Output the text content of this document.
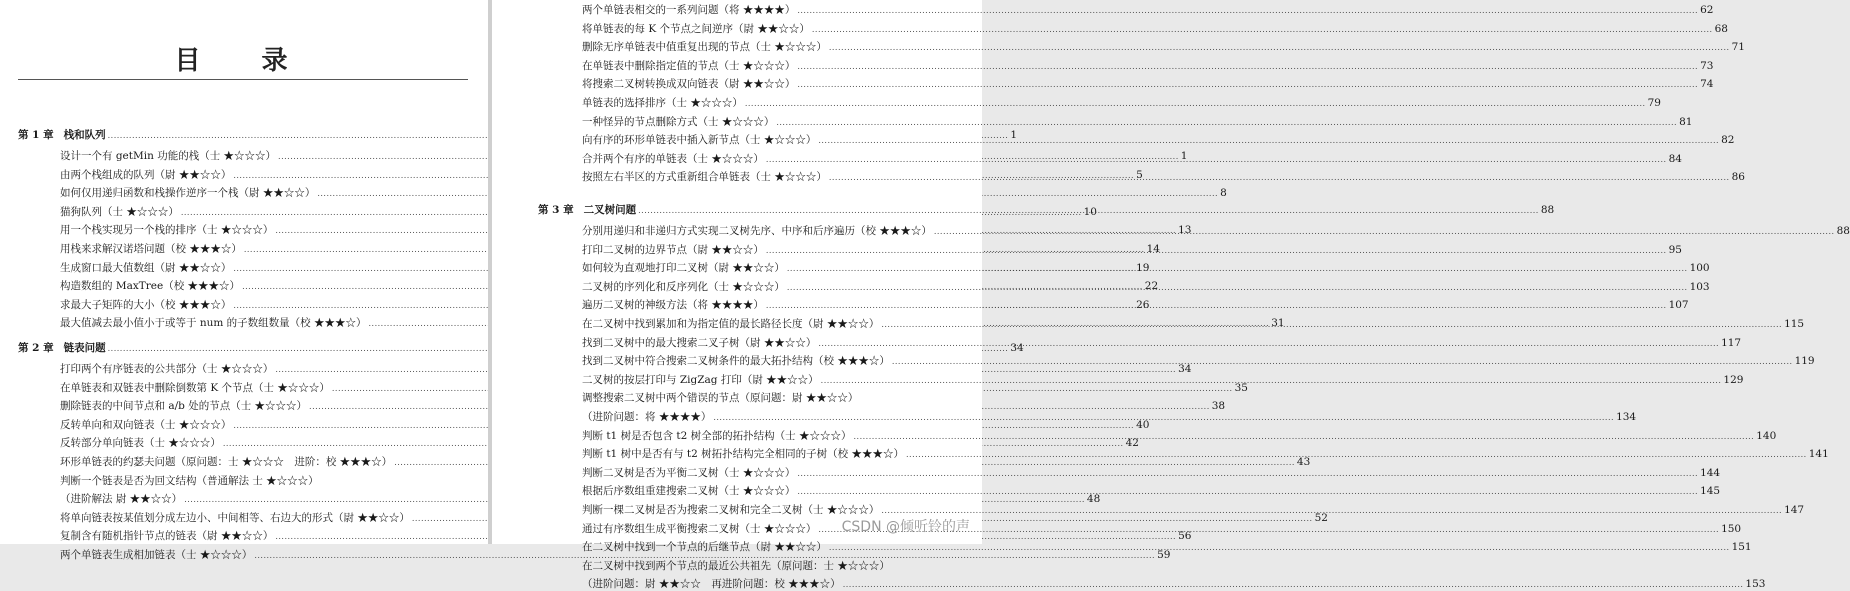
目 录
第 1 章 栈和队列 .....	1
设计一个有 getMin 功能的栈（士 ★☆☆☆） .....	1
由两个栈组成的队列（尉 ★★☆☆） .....	5
如何仅用递归函数和栈操作逆序一个栈（尉 ★★☆☆） .....	8
猫狗队列（士 ★☆☆☆） .....	10
用一个栈实现另一个栈的排序（士 ★☆☆☆） .....	13
用栈来求解汉诺塔问题（校 ★★★☆） .....	14
生成窗口最大值数组（尉 ★★☆☆） .....	19
构造数组的 MaxTree（校 ★★★☆） .....	22
求最大子矩阵的大小（校 ★★★☆） .....	26
最大值减去最小值小于或等于 num 的子数组数量（校 ★★★☆） .....	31
第 2 章 链表问题 .....	34
打印两个有序链表的公共部分（士 ★☆☆☆） .....	34
在单链表和双链表中删除倒数第 K 个节点（士 ★☆☆☆） .....	35
删除链表的中间节点和 a/b 处的节点（士 ★☆☆☆） .....	38
反转单向和双向链表（士 ★☆☆☆） .....	40
反转部分单向链表（士 ★☆☆☆） .....	42
环形单链表的约瑟夫问题（原问题：士 ★☆☆☆　进阶：校 ★★★☆） .....	43
判断一个链表是否为回文结构（普通解法 士 ★☆☆☆）
（进阶解法 尉 ★★☆☆） .....	48
将单向链表按某值划分成左边小、中间相等、右边大的形式（尉 ★★☆☆） .....	52
复制含有随机指针节点的链表（尉 ★★☆☆） .....	56
两个单链表生成相加链表（士 ★☆☆☆） .....	59
两个单链表相交的一系列问题（将 ★★★★） .....	62
将单链表的每 K 个节点之间逆序（尉 ★★☆☆） .....	68
删除无序单链表中值重复出现的节点（士 ★☆☆☆） .....	71
在单链表中删除指定值的节点（士 ★☆☆☆） .....	73
将搜索二叉树转换成双向链表（尉 ★★☆☆） .....	74
单链表的选择排序（士 ★☆☆☆） .....	79
一种怪异的节点删除方式（士 ★☆☆☆） .....	81
向有序的环形单链表中插入新节点（士 ★☆☆☆） .....	82
合并两个有序的单链表（士 ★☆☆☆） .....	84
按照左右半区的方式重新组合单链表（士 ★☆☆☆） .....	86
第 3 章 二叉树问题 .....	88
分别用递归和非递归方式实现二叉树先序、中序和后序遍历（校 ★★★☆） .....	88
打印二叉树的边界节点（尉 ★★☆☆） .....	95
如何较为直观地打印二叉树（尉 ★★☆☆） .....	100
二叉树的序列化和反序列化（士 ★☆☆☆） .....	103
遍历二叉树的神级方法（将 ★★★★） .....	107
在二叉树中找到累加和为指定值的最长路径长度（尉 ★★☆☆） .....	115
找到二叉树中的最大搜索二叉子树（尉 ★★☆☆） .....	117
找到二叉树中符合搜索二叉树条件的最大拓扑结构（校 ★★★☆） .....	119
二叉树的按层打印与 ZigZag 打印（尉 ★★☆☆） .....	129
调整搜索二叉树中两个错误的节点（原问题：尉 ★★☆☆）
（进阶问题：将 ★★★★） .....	134
判断 t1 树是否包含 t2 树全部的拓扑结构（士 ★☆☆☆） .....	140
判断 t1 树中是否有与 t2 树拓扑结构完全相同的子树（校 ★★★☆） .....	141
判断二叉树是否为平衡二叉树（士 ★☆☆☆） .....	144
根据后序数组重建搜索二叉树（士 ★☆☆☆） .....	145
判断一棵二叉树是否为搜索二叉树和完全二叉树（士 ★☆☆☆） .....	147
通过有序数组生成平衡搜索二叉树（士 ★☆☆☆） .....	150
在二叉树中找到一个节点的后继节点（尉 ★★☆☆） .....	151
在二叉树中找到两个节点的最近公共祖先（原问题：士 ★☆☆☆）
（进阶问题：尉 ★★☆☆　再进阶问题：校 ★★★☆） .....	153
CSDN @倾听铃的声
